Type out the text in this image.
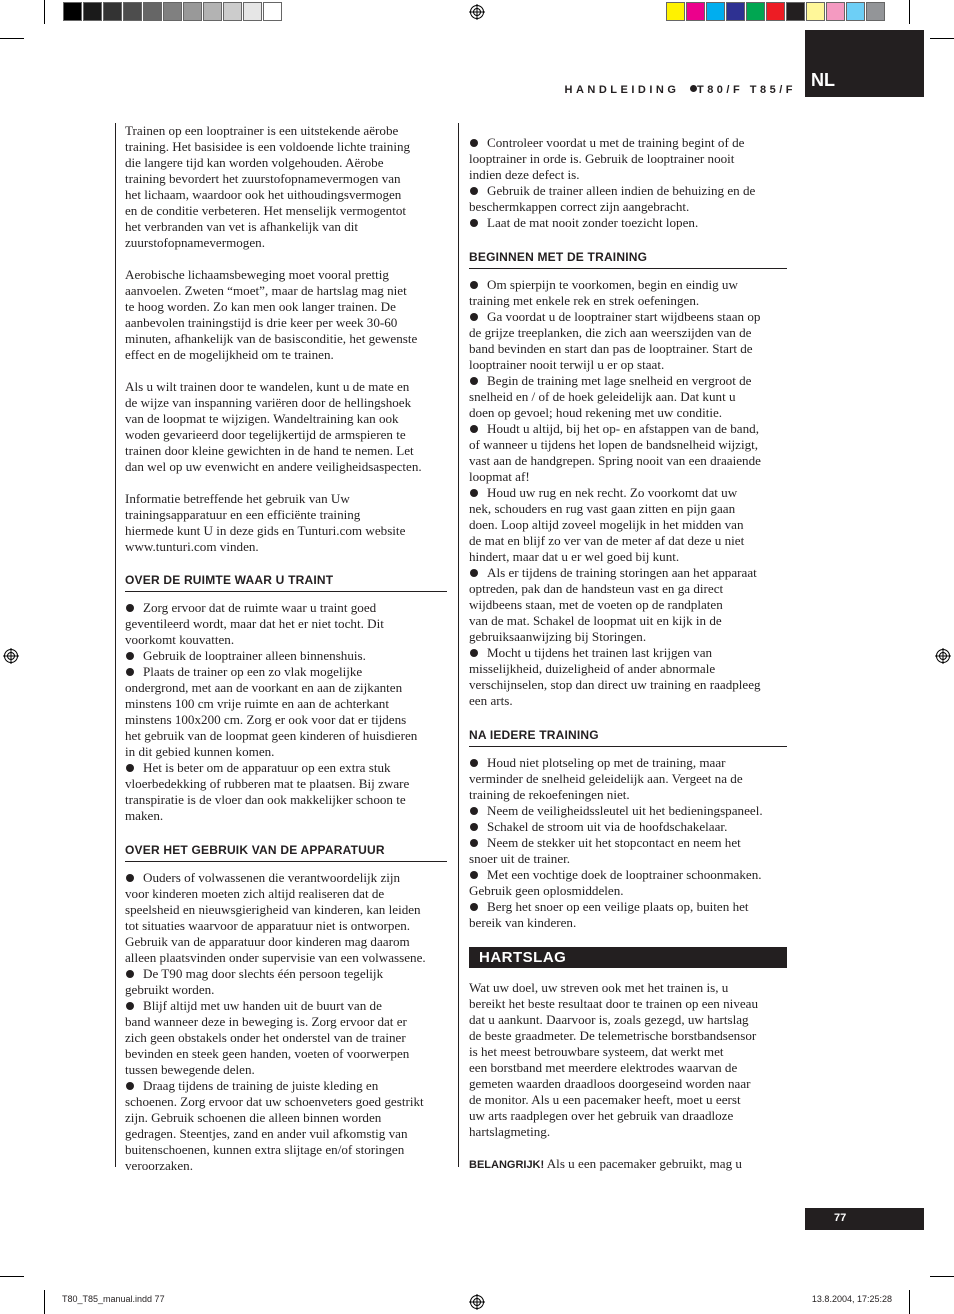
HANDLEIDING T80/F T85/F NL

Trainen op een looptrainer is een uitstekende aërobe
training. Het basisidee is een voldoende lichte training
die langere tijd kan worden volgehouden. Aërobe
training bevordert het zuurstofopnamevermogen van
het lichaam, waardoor ook het uithoudingsvermogen
en de conditie verbeteren. Het menselijk vermogentot
het verbranden van vet is afhankelijk van dit
zuurstofopnamevermogen.

Aerobische lichaamsbeweging moet vooral prettig
aanvoelen. Zweten “moet”, maar de hartslag mag niet
te hoog worden. Zo kan men ook langer trainen. De
aanbevolen trainingstijd is drie keer per week 30-60
minuten, afhankelijk van de basisconditie, het gewenste
effect en de mogelijkheid om te trainen.

Als u wilt trainen door te wandelen, kunt u de mate en
de wijze van inspanning variëren door de hellingshoek
van de loopmat te wijzigen. Wandeltraining kan ook
woden gevarieerd door tegelijkertijd de armspieren te
trainen door kleine gewichten in de hand te nemen. Let
dan wel op uw evenwicht en andere veiligheidsaspecten.

Informatie betreffende het gebruik van Uw
trainingsapparatuur en een efficiënte training
hiermede kunt U in deze gids en Tunturi.com website
www.tunturi.com vinden.

OVER DE RUIMTE WAAR U TRAINT

Zorg ervoor dat de ruimte waar u traint goed
geventileerd wordt, maar dat het er niet tocht. Dit
voorkomt kouvatten.

Gebruik de looptrainer alleen binnenshuis.

Plaats de trainer op een zo vlak mogelijke
ondergrond, met aan de voorkant en aan de zijkanten
minstens 100 cm vrije ruimte en aan de achterkant
minstens 100x200 cm. Zorg er ook voor dat er tijdens
het gebruik van de loopmat geen kinderen of huisdieren
in dit gebied kunnen komen.

Het is beter om de apparatuur op een extra stuk
vloerbedekking of rubberen mat te plaatsen. Bij zware
transpiratie is de vloer dan ook makkelijker schoon te
maken.

OVER HET GEBRUIK VAN DE APPARATUUR

Ouders of volwassenen die verantwoordelijk zijn
voor kinderen moeten zich altijd realiseren dat de
speelsheid en nieuwsgierigheid van kinderen, kan leiden
tot situaties waarvoor de apparatuur niet is ontworpen.
Gebruik van de apparatuur door kinderen mag daarom
alleen plaatsvinden onder supervisie van een volwassene.

De T90 mag door slechts één persoon tegelijk
gebruikt worden.

Blijf altijd met uw handen uit de buurt van de
band wanneer deze in beweging is. Zorg ervoor dat er
zich geen obstakels onder het onderstel van de trainer
bevinden en steek geen handen, voeten of voorwerpen
tussen bewegende delen.

Draag tijdens de training de juiste kleding en
schoenen. Zorg ervoor dat uw schoenveters goed gestrikt
zijn. Gebruik schoenen die alleen binnen worden
gedragen. Steentjes, zand en ander vuil afkomstig van
buitenschoenen, kunnen extra slijtage en/of storingen
veroorzaken.

Controleer voordat u met de training begint of de
looptrainer in orde is. Gebruik de looptrainer nooit
indien deze defect is.

Gebruik de trainer alleen indien de behuizing en de
beschermkappen correct zijn aangebracht.

Laat de mat nooit zonder toezicht lopen.

BEGINNEN MET DE TRAINING

Om spierpijn te voorkomen, begin en eindig uw
training met enkele rek en strek oefeningen.

Ga voordat u de looptrainer start wijdbeens staan op
de grijze treeplanken, die zich aan weerszijden van de
band bevinden en start dan pas de looptrainer. Start de
looptrainer nooit terwijl u er op staat.

Begin de training met lage snelheid en vergroot de
snelheid en / of de hoek geleidelijk aan. Dat kunt u
doen op gevoel; houd rekening met uw conditie.

Houdt u altijd, bij het op- en afstappen van de band,
of wanneer u tijdens het lopen de bandsnelheid wijzigt,
vast aan de handgrepen. Spring nooit van een draaiende
loopmat af!

Houd uw rug en nek recht. Zo voorkomt dat uw
nek, schouders en rug vast gaan zitten en pijn gaan
doen. Loop altijd zoveel mogelijk in het midden van
de mat en blijf zo ver van de meter af dat deze u niet
hindert, maar dat u er wel goed bij kunt.

Als er tijdens de training storingen aan het apparaat
optreden, pak dan de handsteun vast en ga direct
wijdbeens staan, met de voeten op de randplaten
van de mat. Schakel de loopmat uit en kijk in de
gebruiksaanwijzing bij Storingen.

Mocht u tijdens het trainen last krijgen van
misselijkheid, duizeligheid of ander abnormale
verschijnselen, stop dan direct uw training en raadpleeg
een arts.

NA IEDERE TRAINING

Houd niet plotseling op met de training, maar
verminder de snelheid geleidelijk aan. Vergeet na de
training de rekoefeningen niet.

Neem de veiligheidssleutel uit het bedieningspaneel.

Schakel de stroom uit via de hoofdschakelaar.

Neem de stekker uit het stopcontact en neem het
snoer uit de trainer.

Met een vochtige doek de looptrainer schoonmaken.
Gebruik geen oplosmiddelen.

Berg het snoer op een veilige plaats op, buiten het
bereik van kinderen.

HARTSLAG

Wat uw doel, uw streven ook met het trainen is, u
bereikt het beste resultaat door te trainen op een niveau
dat u aankunt. Daarvoor is, zoals gezegd, uw hartslag
de beste graadmeter. De telemetrische borstbandsensor
is het meest betrouwbare systeem, dat werkt met
een borstband met meerdere elektrodes waarvan de
gemeten waarden draadloos doorgeseind worden naar
de monitor. Als u een pacemaker heeft, moet u eerst
uw arts raadplegen over het gebruik van draadloze
hartslagmeting.

BELANGRIJK! Als u een pacemaker gebruikt, mag u

77
T80_T85_manual.indd 77	13.8.2004, 17:25:28
